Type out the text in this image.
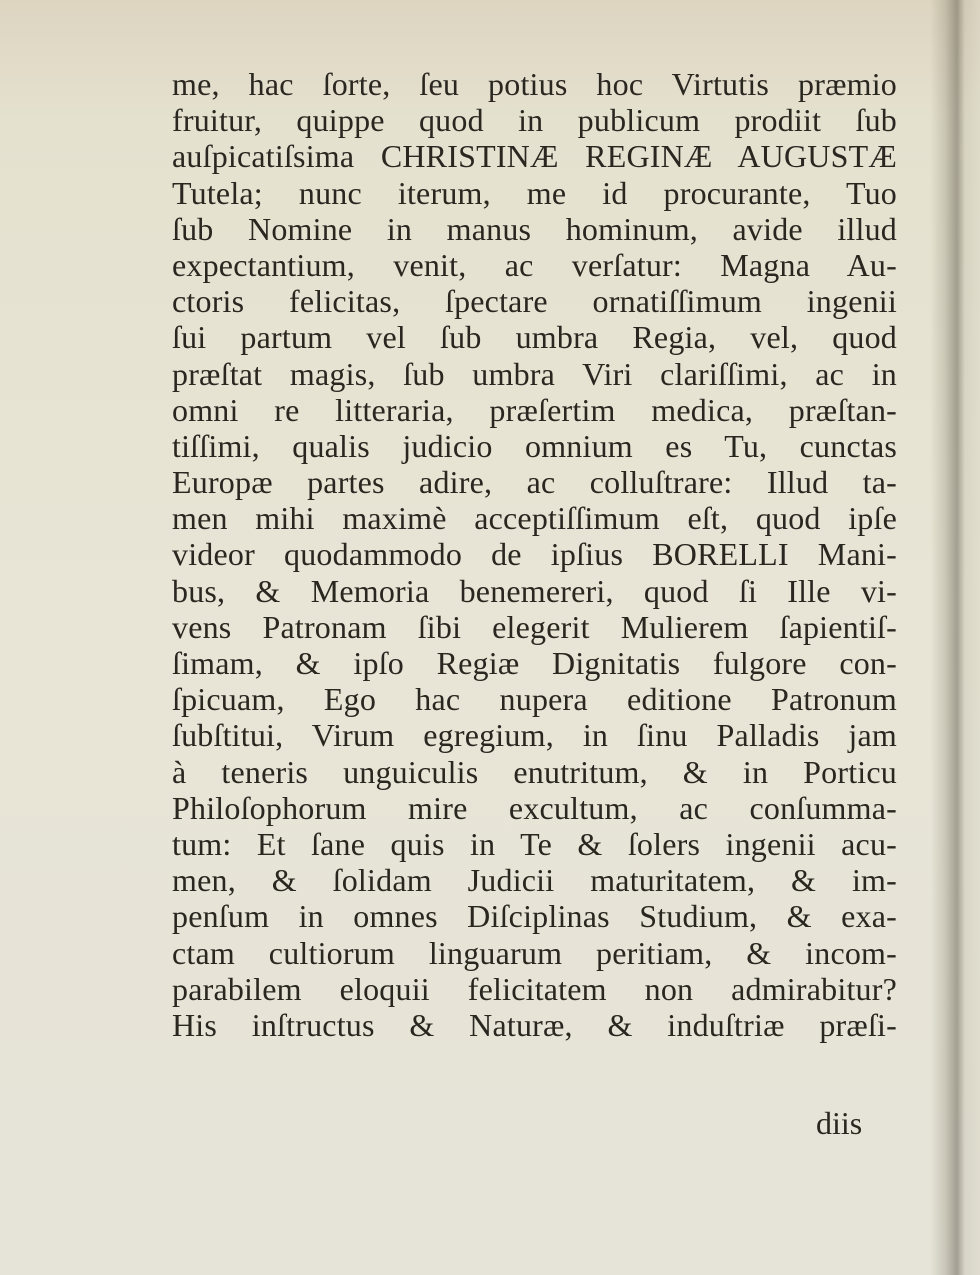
me, hac ſorte, ſeu potius hoc Virtutis præmio
fruitur, quippe quod in publicum prodiit ſub
auſpicatiſsima CHRISTINÆ REGINÆ AUGUSTÆ
Tutela; nunc iterum, me id procurante, Tuo
ſub Nomine in manus hominum, avide illud
expectantium, venit, ac verſatur: Magna Au-
ctoris felicitas, ſpectare ornatiſſimum ingenii
ſui partum vel ſub umbra Regia, vel, quod
præſtat magis, ſub umbra Viri clariſſimi, ac in
omni re litteraria, præſertim medica, præſtan-
tiſſimi, qualis judicio omnium es Tu, cunctas
Europæ partes adire, ac colluſtrare: Illud ta-
men mihi maximè acceptiſſimum eſt, quod ipſe
videor quodammodo de ipſius BORELLI Mani-
bus, & Memoria benemereri, quod ſi Ille vi-
vens Patronam ſibi elegerit Mulierem ſapientiſ-
ſimam, & ipſo Regiæ Dignitatis fulgore con-
ſpicuam, Ego hac nupera editione Patronum
ſubſtitui, Virum egregium, in ſinu Palladis jam
à teneris unguiculis enutritum, & in Porticu
Philoſophorum mire excultum, ac conſumma-
tum: Et ſane quis in Te & ſolers ingenii acu-
men, & ſolidam Judicii maturitatem, & im-
penſum in omnes Diſciplinas Studium, & exa-
ctam cultiorum linguarum peritiam, & incom-
parabilem eloquii felicitatem non admirabitur?
His inſtructus & Naturæ, & induſtriæ præſi-
diis
